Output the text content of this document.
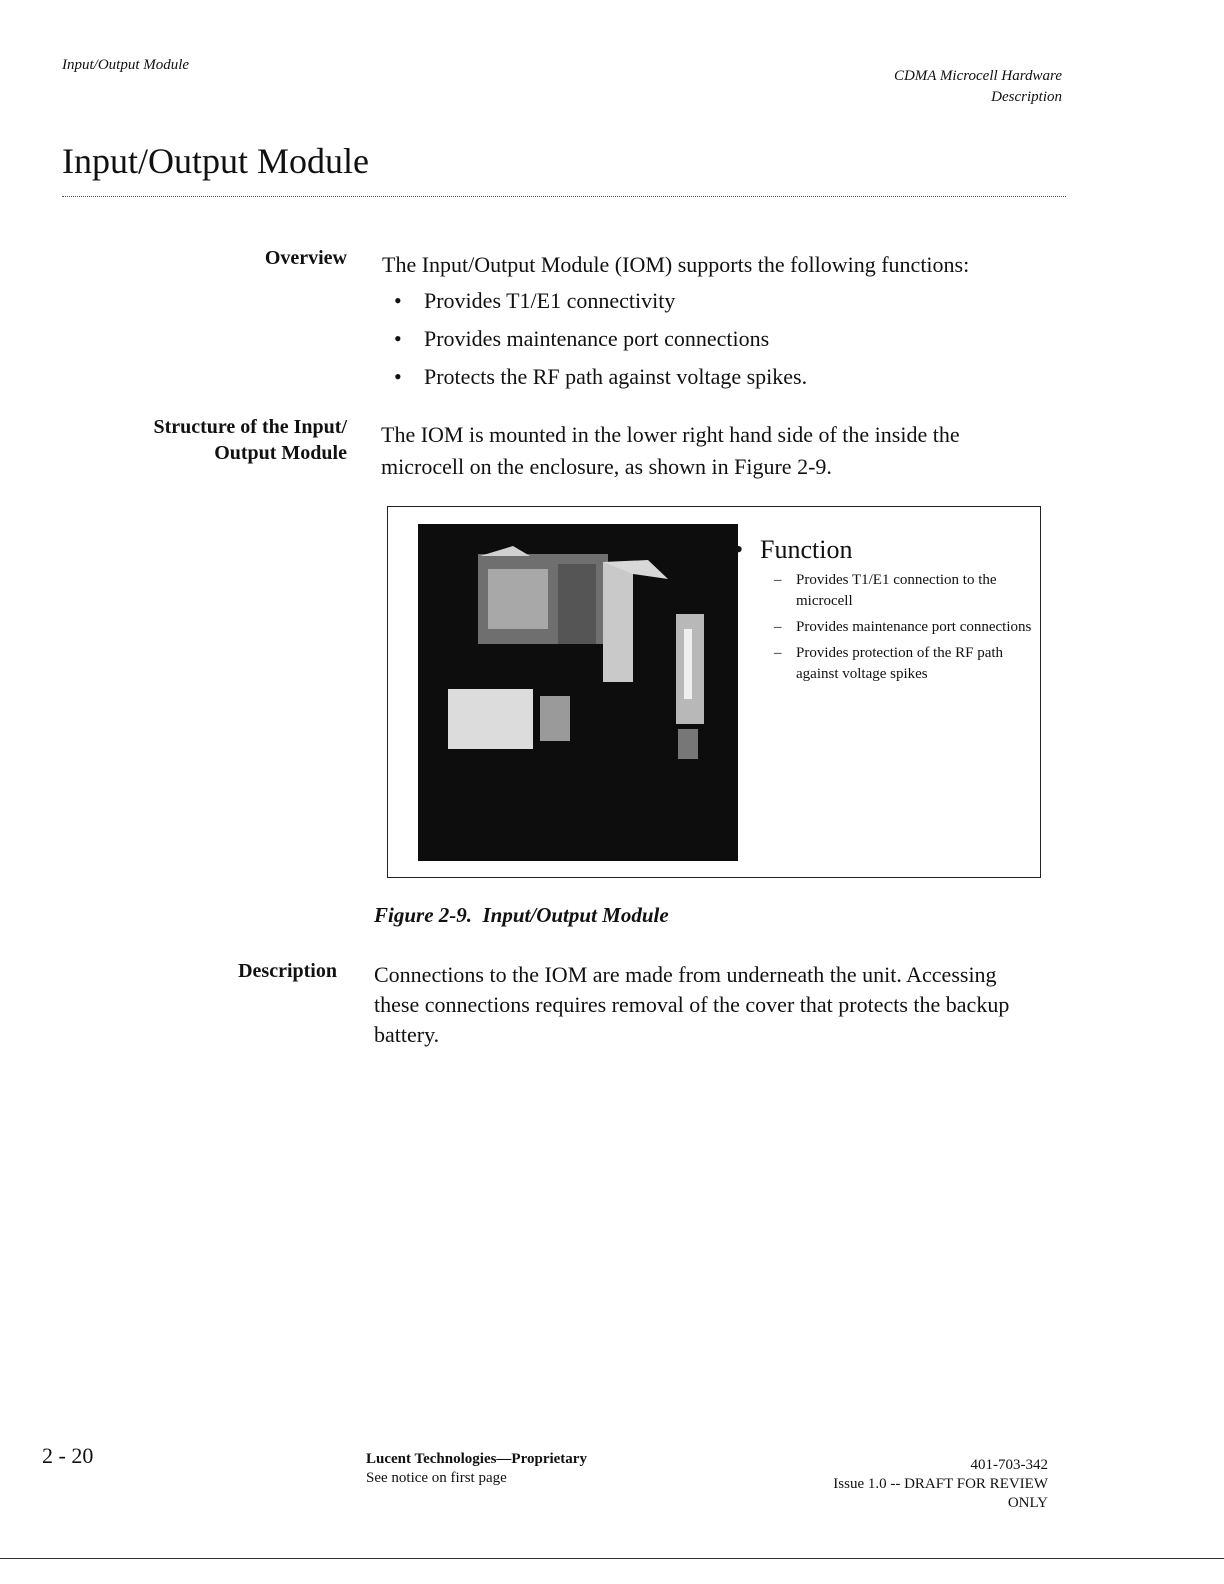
Input/Output Module
CDMA Microcell Hardware
Description
Input/Output Module
Overview The Input/Output Module (IOM) supports the following functions:
• Provides T1/E1 connectivity
• Provides maintenance port connections
• Protects the RF path against voltage spikes.
Structure of the Input/
Output Module
The IOM is mounted in the lower right hand side of the inside the
microcell on the enclosure, as shown in Figure 2-9.
• Function
– Provides T1/E1 connection to the microcell
– Provides maintenance port connections
– Provides protection of the RF path against voltage spikes
Figure 2-9.  Input/Output Module
Description Connections to the IOM are made from underneath the unit. Accessing
these connections requires removal of the cover that protects the backup
battery.
2 - 20	Lucent Technologies—Proprietary
See notice on first page
401-703-342
Issue 1.0 -- DRAFT FOR REVIEW
ONLY
